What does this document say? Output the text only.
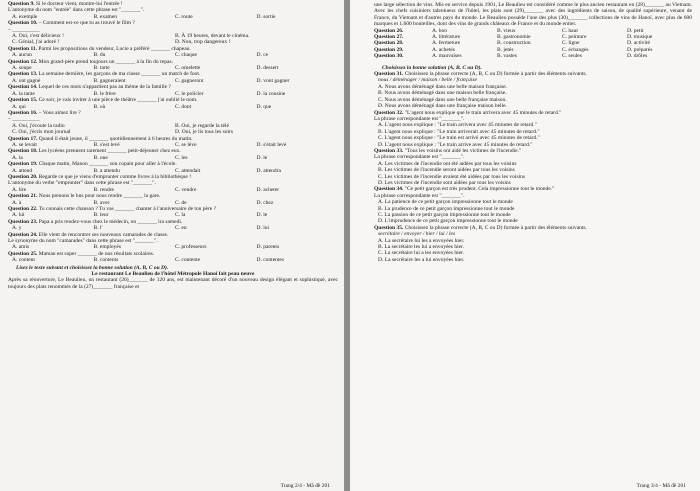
Question 9. Si le docteur vient, montre-lui l'entrée !
L'antonyme du nom "entrée" dans cette phrase est "_______".
A. exemple	B. examen	C. route	D. sortie
Question 10. – Comment est-ce que tu as trouvé le film ?
– __________
A. Oui, c'est délicieux !	B. À 19 heures, devant le cinéma.
C. Génial, j'ai adoré !	D. Non, trop dangereux !
Question 11. Parmi les propositions du vendeur, Lucie a préféré _______ chapeau.
A. aucun	B. du	C. chaque	D. ce
Question 12. Mon grand-père prend toujours un _______ à la fin du repas.
A. soupe	B. tarte	C. omelette	D. dessert
Question 13. La semaine dernière, les garçons de ma classe _______ un match de foot.
A. ont gagné	B. gagneraient	C. gagneront	D. vont gagner
Question 14. Lequel de ces mots n'appartient pas au thème de la famille ?
A. la tante	B. le frère	C. le policier	D. la cousine
Question 15. Ce soir, je vais inviter à une pièce de théâtre _______ j'ai oublié le nom.
A. qui	B. où	C. dont	D. que
Question 16. – Vous aimez lire ?
– __________
A. Oui, j'écoute la radio	B. Oui, je regarde la télé
C. Oui, j'écris mon journal	D. Oui, je lis tous les soirs
Question 17. Quand il était jeune, il _______ quotidiennement à 6 heures du matin.
A. se levait	B. s'est levé	C. se lève	D. s'était levé
Question 18. Les lycéens prennent rarement _______ petit-déjeuner chez eux.
A. la	B. une	C. les	D. le
Question 19. Chaque matin, Manon _______ son copain pour aller à l'école.
A. attend	B. a attendu	C. attendait	D. attendra
Question 20. Regarde ce que je viens d'emprunter comme livres à la bibliothèque !
L'antonyme du verbe "emprunter" dans cette phrase est "_______".
A. lire	B. rendre	C. vendre	D. acheter
Question 21. Nous prenons le bus pour nous rendre _______ la gare.
A. à	B. avec	C. de	D. chez
Question 22. Tu connais cette chanson ? Tu vas _______ chanter à l'anniversaire de ton père ?
A. lui	B. leur	C. la	D. le
Question 23. Papa a pris rendez-vous chez le médecin, on _______ ira samedi.
A. y	B. l'	C. en	D. lui
Question 24. Elle vient de rencontrer ses nouveaux camarades de classe.
Le synonyme du nom "camarades" dans cette phrase est "_______".
A. amis	B. employés	C. professeurs	D. parents
Question 25. Maman est super _______ de nos résultats scolaires.
A. content	B. contents	C. contente	D. contentes
Lisez le texte suivant et choisissez la bonne solution (A, B, C ou D).
Le restaurant Le Beaulieu de l'hôtel Métropole Hanoï fait peau neuve
Après sa réouverture, Le Beaulieu, un restaurant (26)_______ de 120 ans, est maintenant décoré d'un nouveau design élégant et sophistiqué, avec toujours des plats renommés de la (27)_______ française et
Trang 2/4 - Mã đề 201
une large sélection de vins. Mis en service depuis 1901, Le Beaulieu est considéré comme le plus ancien restaurant en (28)_______ au Vietnam. Avec les chefs cuisiniers talentueux de l'hôtel, les plats sont (29)_______ avec des ingrédients de saison, de qualité supérieure, venant de France, du Vietnam et d'autres pays du monde. Le Beaulieu possède l'une des plus (30)_______ collections de vins de Hanoï, avec plus de 600 marques et 1.600 bouteilles, dont des vins de grands châteaux de France et du monde entier.
Question 26.	A. bon	B. vieux	C. haut	D. petit
Question 27.	A. littérature	B. gastronomie	C. peinture	D. musique
Question 28.	A. fermeture	B. construction	C. ligne	D. activité
Question 29.	A. achetés	B. jetés	C. échangés	D. préparés
Question 30.	A. mauvaises	B. vastes	C. seules	D. drôles
Choisissez la bonne solution (A, B, C ou D).
Question 31. Choisissez la phrase correcte (A, B, C ou D) formée à partir des éléments suivants.
nous / déménager / maison / belle / française
A. Nous avons déménagé dans une belle maison française.
B. Nous avons déménagé dans une maison belle française.
C. Nous avons déménagé dans une belle française maison.
D. Nous avons déménagé dans une française maison belle.
Question 32. "L'agent nous explique que le train arrivera avec 45 minutes de retard."
La phrase correspondante est "_______".
A. L'agent nous explique : "Le train arrivera avec 45 minutes de retard."
B. L'agent nous explique : "Le train arriverait avec 45 minutes de retard."
C. L'agent nous explique : "Le train est arrivé avec 45 minutes de retard."
D. L'agent nous explique : "Le train arrive avec 45 minutes de retard."
Question 33. "Tous les voisins ont aidé les victimes de l'incendie."
La phrase correspondante est "_______".
A. Les victimes de l'incendie ont été aidées par tous les voisins
B. Les victimes de l'incendie seront aidées par tous les voisins
C. Les victimes de l'incendie avaient été aidées par tous les voisins
D. Les victimes de l'incendie sont aidées par tous les voisins
Question 34. "Ce petit garçon est très prudent. Cela impressionne tout le monde."
La phrase correspondante est "_______".
A. La patience de ce petit garçon impressionne tout le monde
B. La prudence de ce petit garçon impressionne tout le monde
C. La passion de ce petit garçon impressionne tout le monde
D. L'imprudence de ce petit garçon impressionne tout le monde
Question 35. Choisissez la phrase correcte (A, B, C ou D) formée à partir des éléments suivants.
secrétaire / envoyer / hier / lui / les
A. La secrétaire lui les a envoyées hier.
B. La secrétaire les lui a envoyées hier.
C. La secrétaire lui a les envoyées hier.
D. La secrétaire les a lui envoyées hier.
Trang 3/4 - Mã đề 201
